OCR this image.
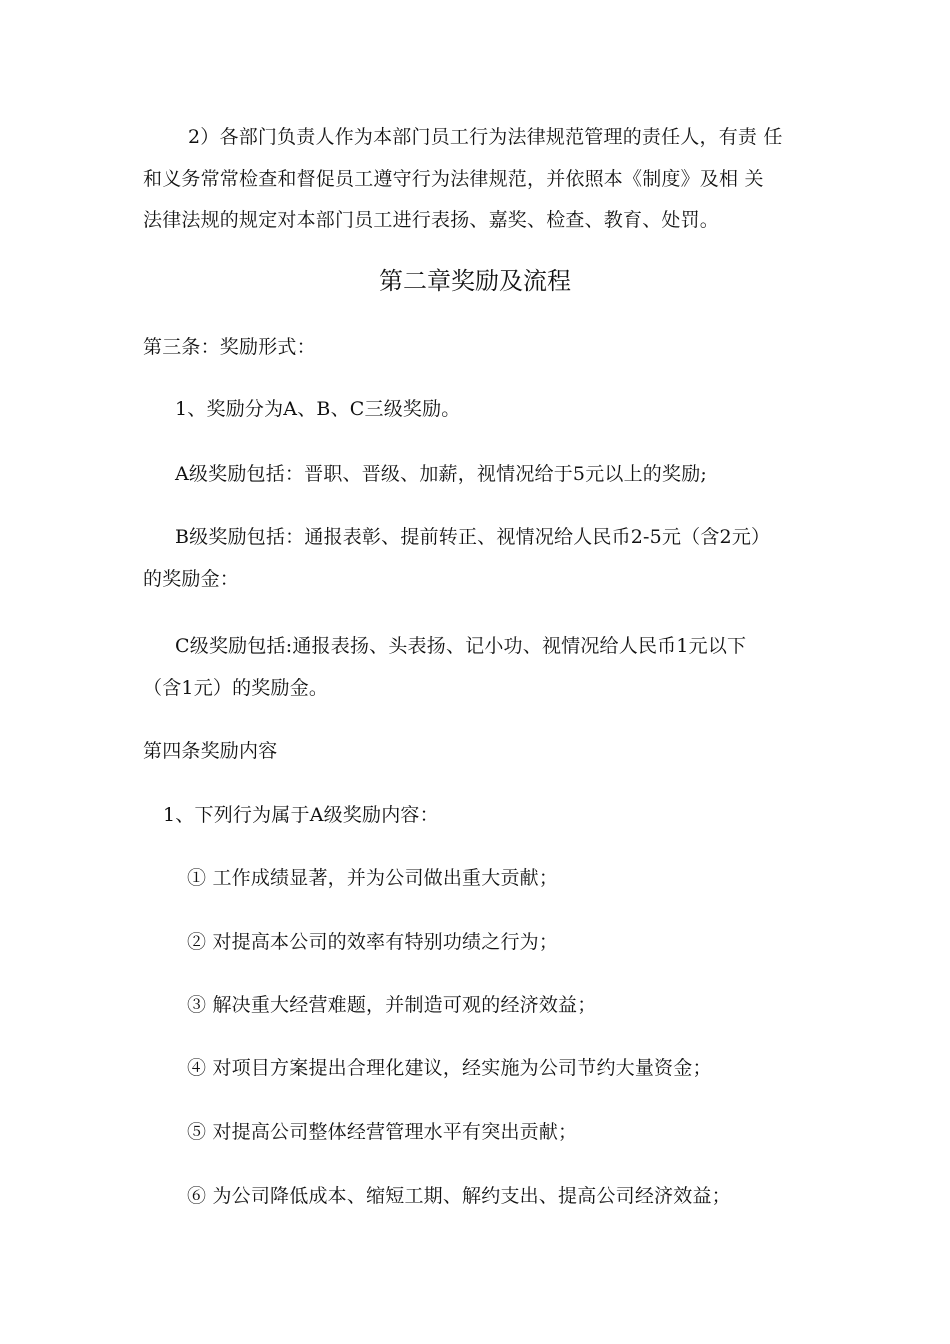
2）各部门负责人作为本部门员工行为法律规范管理的责任人，有责 任
和义务常常检查和督促员工遵守行为法律规范，并依照本《制度》及相 关
法律法规的规定对本部门员工进行表扬、嘉奖、检查、教育、处罚。
第二章奖励及流程
第三条：奖励形式：
1、奖励分为A、B、C三级奖励。
A级奖励包括：晋职、晋级、加薪，视情况给于5元以上的奖励;
B级奖励包括：通报表彰、提前转正、视情况给人民币2-5元（含2元）
的奖励金：
C级奖励包括:通报表扬、头表扬、记小功、视情况给人民币1元以下
（含1元）的奖励金。
第四条奖励内容
1、下列行为属于A级奖励内容：
① 工作成绩显著，并为公司做出重大贡献；
② 对提高本公司的效率有特别功绩之行为；
③ 解决重大经营难题，并制造可观的经济效益；
④ 对项目方案提出合理化建议，经实施为公司节约大量资金；
⑤ 对提高公司整体经营管理水平有突出贡献；
⑥ 为公司降低成本、缩短工期、解约支出、提高公司经济效益；
